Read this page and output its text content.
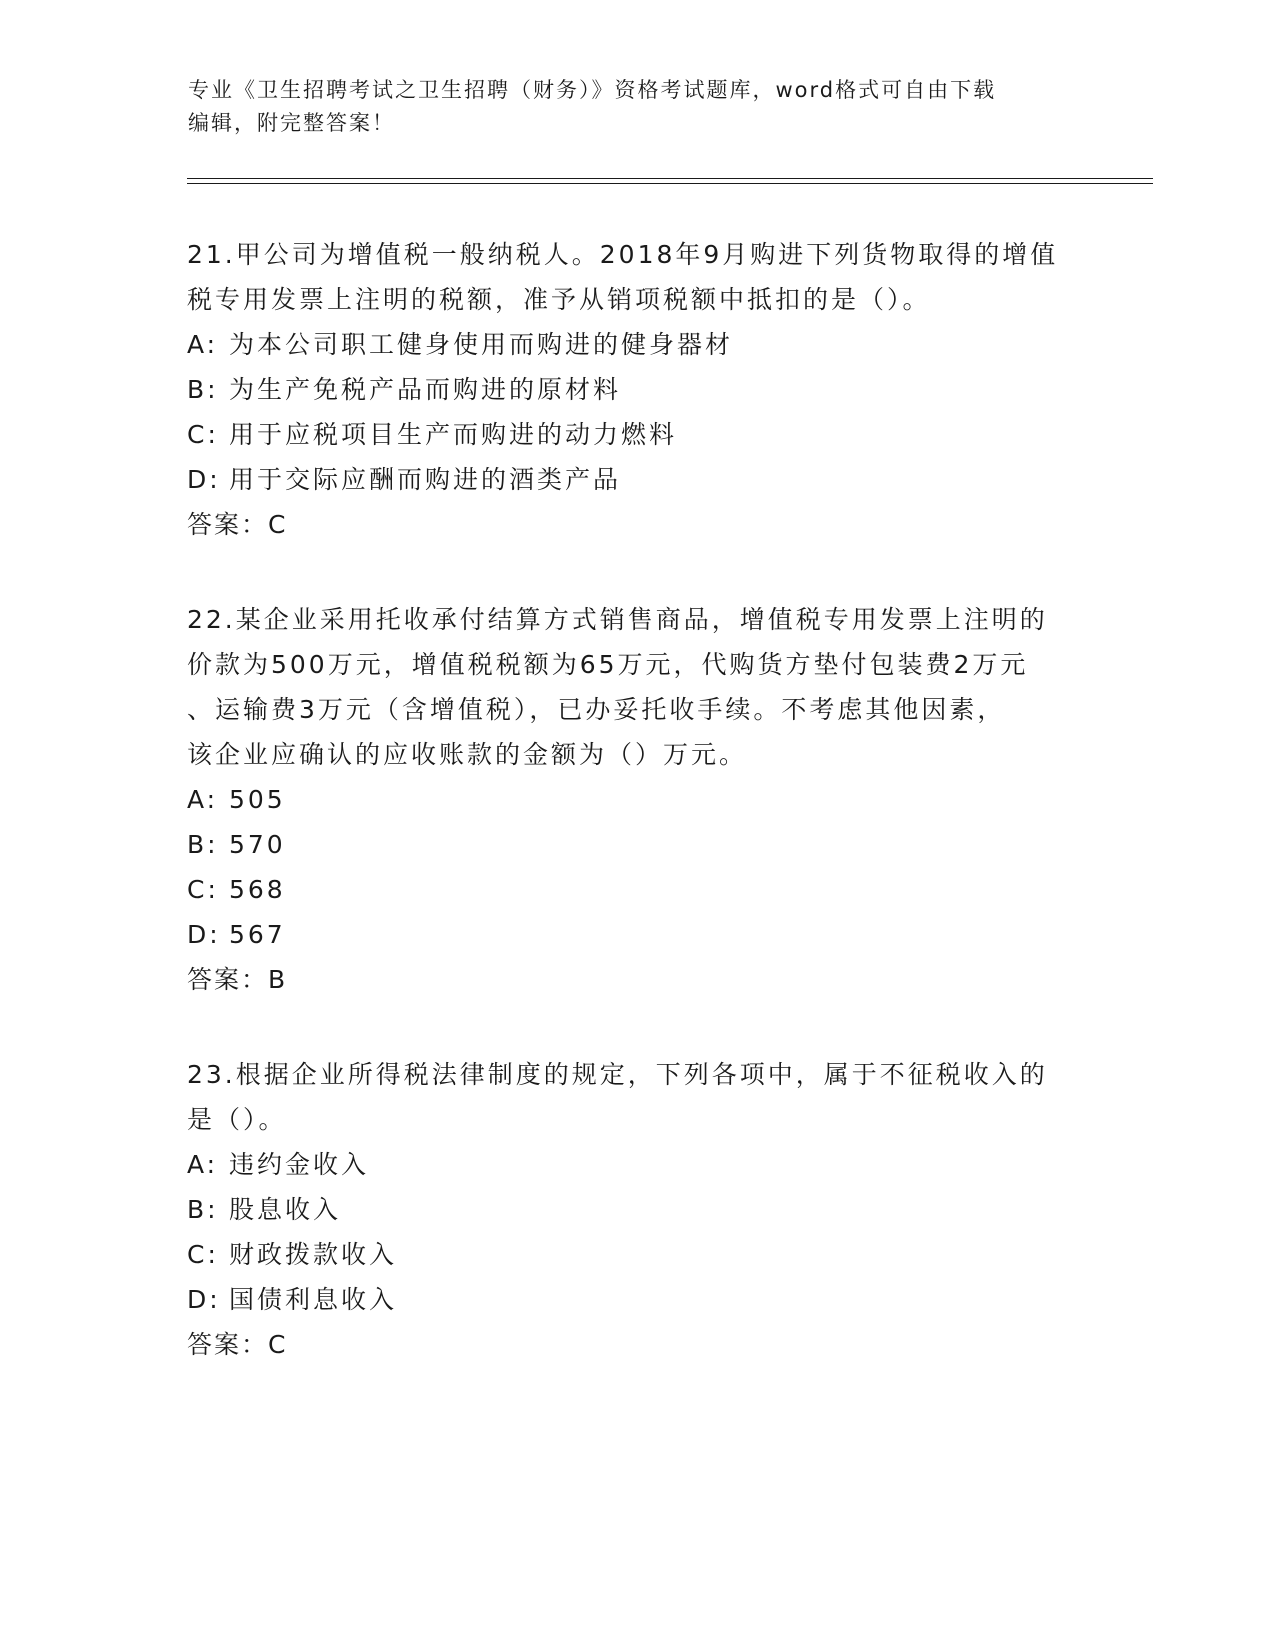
专业《卫生招聘考试之卫生招聘（财务）》资格考试题库，word格式可自由下载
编辑，附完整答案！

21.甲公司为增值税一般纳税人。2018年9月购进下列货物取得的增值

税专用发票上注明的税额，准予从销项税额中抵扣的是（）。

A: 为本公司职工健身使用而购进的健身器材

B: 为生产免税产品而购进的原材料

C: 用于应税项目生产而购进的动力燃料

D: 用于交际应酬而购进的酒类产品

答案：C

22.某企业采用托收承付结算方式销售商品，增值税专用发票上注明的

价款为500万元，增值税税额为65万元，代购货方垫付包装费2万元

、运输费3万元（含增值税），已办妥托收手续。不考虑其他因素，

该企业应确认的应收账款的金额为（）万元。

A: 505

B: 570

C: 568

D: 567

答案：B

23.根据企业所得税法律制度的规定，下列各项中，属于不征税收入的

是（）。

A: 违约金收入

B: 股息收入

C: 财政拨款收入

D: 国债利息收入

答案：C
